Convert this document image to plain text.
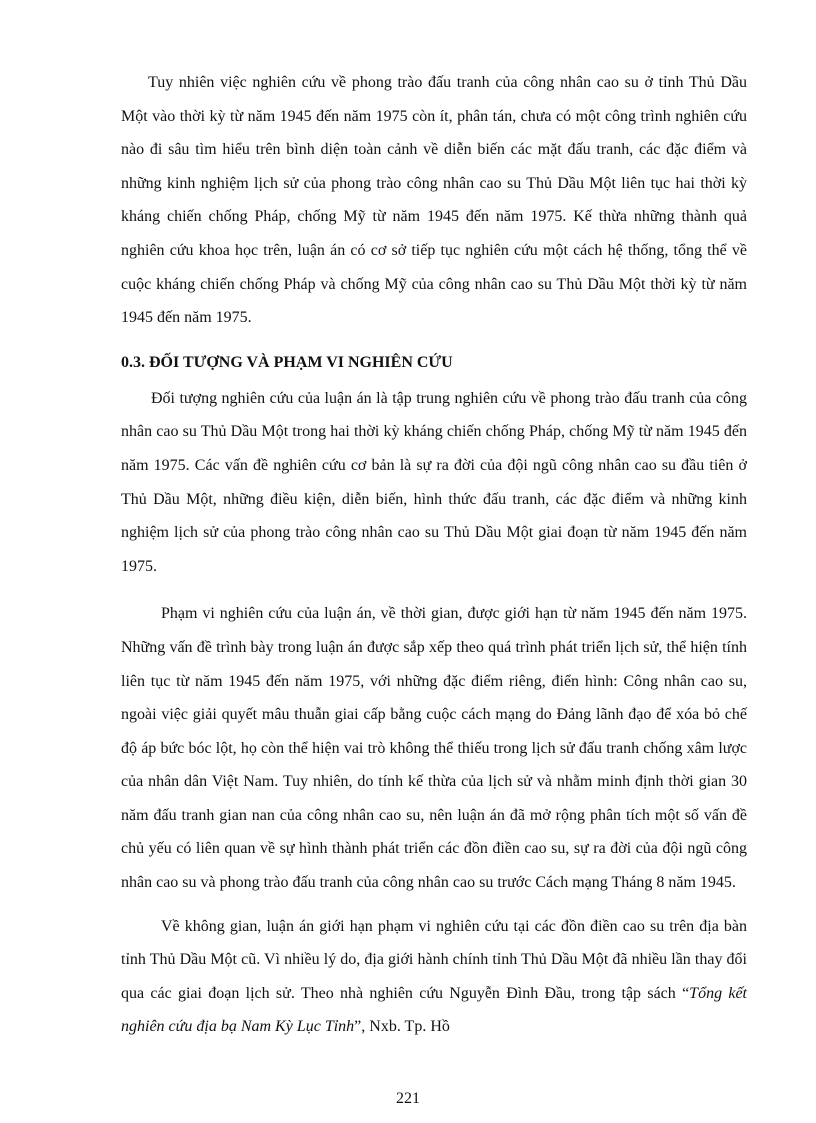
Tuy nhiên việc nghiên cứu về phong trào đấu tranh của công nhân cao su ở tỉnh Thủ Dầu Một vào thời kỳ từ năm 1945 đến năm 1975 còn ít, phân tán, chưa có một công trình nghiên cứu nào đi sâu tìm hiểu trên bình diện toàn cảnh về diễn biến các mặt đấu tranh, các đặc điểm và những kinh nghiệm lịch sử của phong trào công nhân cao su Thủ Dầu Một liên tục hai thời kỳ kháng chiến chống Pháp, chống Mỹ từ năm 1945 đến năm 1975. Kế thừa những thành quả nghiên cứu khoa học trên, luận án có cơ sở tiếp tục nghiên cứu một cách hệ thống, tổng thể về cuộc kháng chiến chống Pháp và chống Mỹ của công nhân cao su Thủ Dầu Một thời kỳ từ năm 1945 đến năm 1975.

0.3. ĐỐI TƯỢNG VÀ PHẠM VI NGHIÊN CỨU

Đối tượng nghiên cứu của luận án là tập trung nghiên cứu về phong trào đấu tranh của công nhân cao su Thủ Dầu Một trong hai thời kỳ kháng chiến chống Pháp, chống Mỹ từ năm 1945 đến năm 1975. Các vấn đề nghiên cứu cơ bản là sự ra đời của đội ngũ công nhân cao su đầu tiên ở Thủ Dầu Một, những điều kiện, diễn biến, hình thức đấu tranh, các đặc điểm và những kinh nghiệm lịch sử của phong trào công nhân cao su Thủ Dầu Một giai đoạn từ năm 1945 đến năm 1975.

Phạm vi nghiên cứu của luận án, về thời gian, được giới hạn từ năm 1945 đến năm 1975. Những vấn đề trình bày trong luận án được sắp xếp theo quá trình phát triển lịch sử, thể hiện tính liên tục từ năm 1945 đến năm 1975, với những đặc điểm riêng, điển hình: Công nhân cao su, ngoài việc giải quyết mâu thuẫn giai cấp bằng cuộc cách mạng do Đảng lãnh đạo để xóa bỏ chế độ áp bức bóc lột, họ còn thể hiện vai trò không thể thiếu trong lịch sử đấu tranh chống xâm lược của nhân dân Việt Nam. Tuy nhiên, do tính kế thừa của lịch sử và nhằm minh định thời gian 30 năm đấu tranh gian nan của công nhân cao su, nên luận án đã mở rộng phân tích một số vấn đề chủ yếu có liên quan về sự hình thành phát triển các đồn điền cao su, sự ra đời của đội ngũ công nhân cao su và phong trào đấu tranh của công nhân cao su trước Cách mạng Tháng 8 năm 1945.

Về không gian, luận án giới hạn phạm vi nghiên cứu tại các đồn điền cao su trên địa bàn tỉnh Thủ Dầu Một cũ. Vì nhiều lý do, địa giới hành chính tỉnh Thủ Dầu Một đã nhiều lần thay đổi qua các giai đoạn lịch sử. Theo nhà nghiên cứu Nguyễn Đình Đầu, trong tập sách “Tổng kết nghiên cứu địa bạ Nam Kỳ Lục Tỉnh”, Nxb. Tp. Hồ

221
